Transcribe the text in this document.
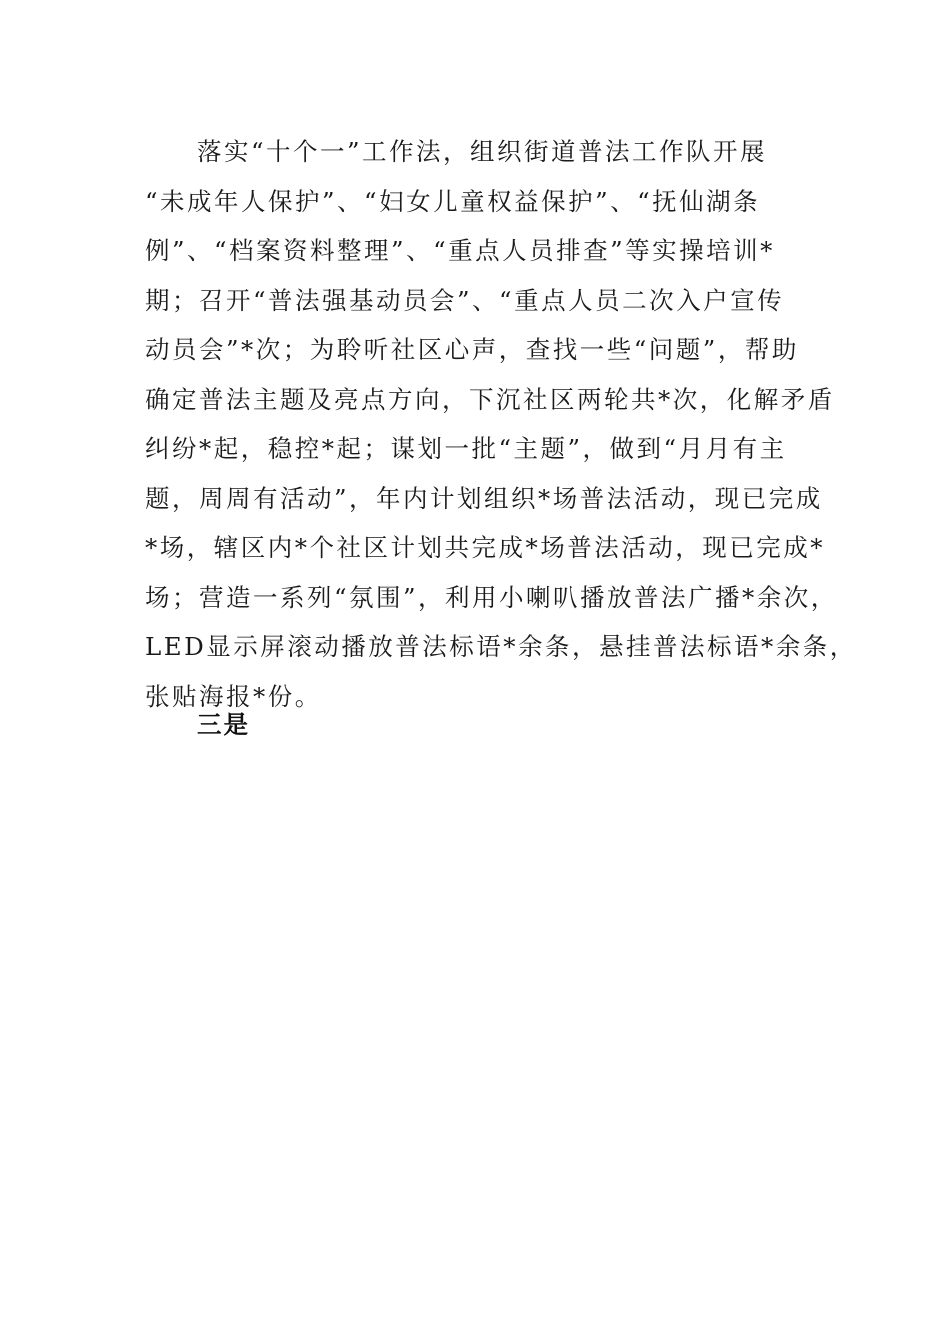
落实“十个一”工作法，组织街道普法工作队开展
“未成年人保护”、“妇女儿童权益保护”、“抚仙湖条
例”、“档案资料整理”、“重点人员排查”等实操培训*
期；召开“普法强基动员会”、“重点人员二次入户宣传
动员会”*次；为聆听社区心声，查找一些“问题”，帮助
确定普法主题及亮点方向，下沉社区两轮共*次，化解矛盾
纠纷*起，稳控*起；谋划一批“主题”，做到“月月有主
题，周周有活动”，年内计划组织*场普法活动，现已完成
*场，辖区内*个社区计划共完成*场普法活动，现已完成*
场；营造一系列“氛围”，利用小喇叭播放普法广播*余次，
LED显示屏滚动播放普法标语*余条，悬挂普法标语*余条，
张贴海报*份。

三是
